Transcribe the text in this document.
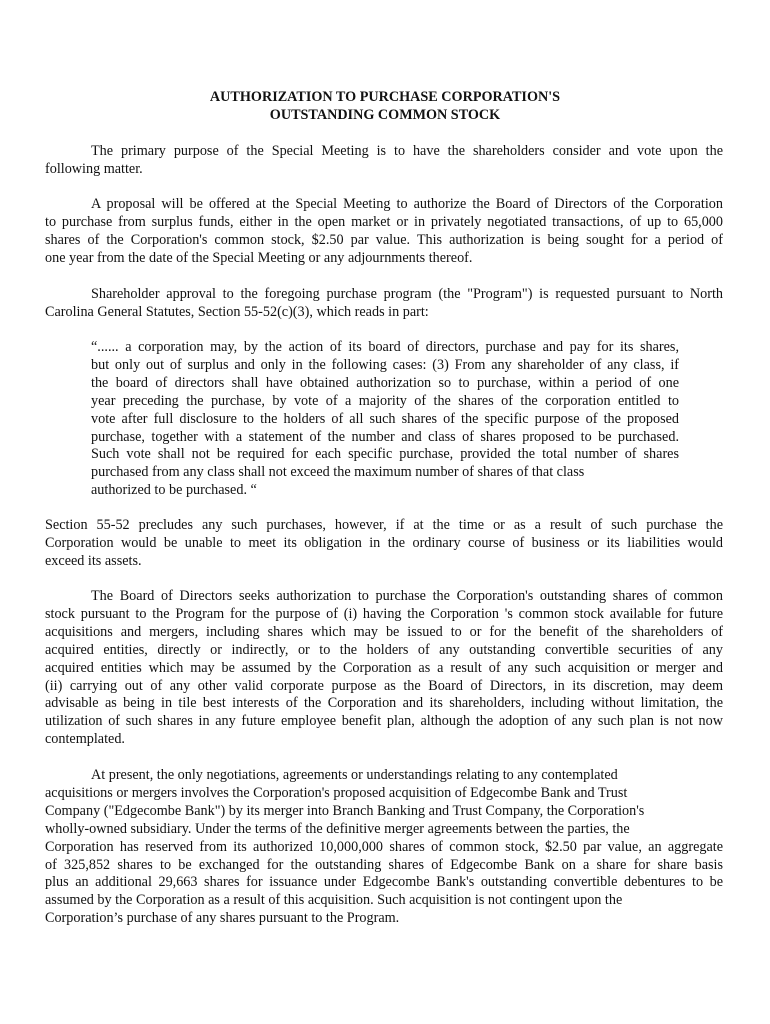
AUTHORIZATION TO PURCHASE CORPORATION'S
OUTSTANDING COMMON STOCK
The primary purpose of the Special Meeting is to have the shareholders consider and vote upon the
following matter.
A proposal will be offered at the Special Meeting to authorize the Board of Directors of the Corporation
to purchase from surplus funds, either in the open market or in privately negotiated transactions, of up to 65,000
shares of the Corporation's common stock, $2.50 par value. This authorization is being sought for a period of
one year from the date of the Special Meeting or any adjournments thereof.
Shareholder approval to the foregoing purchase program (the "Program") is requested pursuant to North
Carolina General Statutes, Section 55-52(c)(3), which reads in part:
“...... a corporation may, by the action of its board of directors, purchase and pay for its shares,
but only out of surplus and only in the following cases: (3) From any shareholder of any class, if
the board of directors shall have obtained authorization so to purchase, within a period of one
year preceding the purchase, by vote of a majority of the shares of the corporation entitled to
vote after full disclosure to the holders of all such shares of the specific purpose of the proposed
purchase, together with a statement of the number and class of shares proposed to be purchased.
Such vote shall not be required for each specific purchase, provided the total number of shares
purchased from any class shall not exceed the maximum number of shares of that class
authorized to be purchased. “
Section 55-52 precludes any such purchases, however, if at the time or as a result of such purchase the
Corporation would be unable to meet its obligation in the ordinary course of business or its liabilities would
exceed its assets.
The Board of Directors seeks authorization to purchase the Corporation's outstanding shares of common
stock pursuant to the Program for the purpose of (i) having the Corporation 's common stock available for future
acquisitions and mergers, including shares which may be issued to or for the benefit of the shareholders of
acquired entities, directly or indirectly, or to the holders of any outstanding convertible securities of any
acquired entities which may be assumed by the Corporation as a result of any such acquisition or merger and
(ii) carrying out of any other valid corporate purpose as the Board of Directors, in its discretion, may deem
advisable as being in tile best interests of the Corporation and its shareholders, including without limitation, the
utilization of such shares in any future employee benefit plan, although the adoption of any such plan is not now
contemplated.
At present, the only negotiations, agreements or understandings relating to any contemplated
acquisitions or mergers involves the Corporation's proposed acquisition of Edgecombe Bank and Trust
Company ("Edgecombe Bank") by its merger into Branch Banking and Trust Company, the Corporation's
wholly-owned subsidiary. Under the terms of the definitive merger agreements between the parties, the
Corporation has reserved from its authorized 10,000,000 shares of common stock, $2.50 par value, an aggregate
of 325,852 shares to be exchanged for the outstanding shares of Edgecombe Bank on a share for share basis
plus an additional 29,663 shares for issuance under Edgecombe Bank's outstanding convertible debentures to be
assumed by the Corporation as a result of this acquisition. Such acquisition is not contingent upon the
Corporation’s purchase of any shares pursuant to the Program.
